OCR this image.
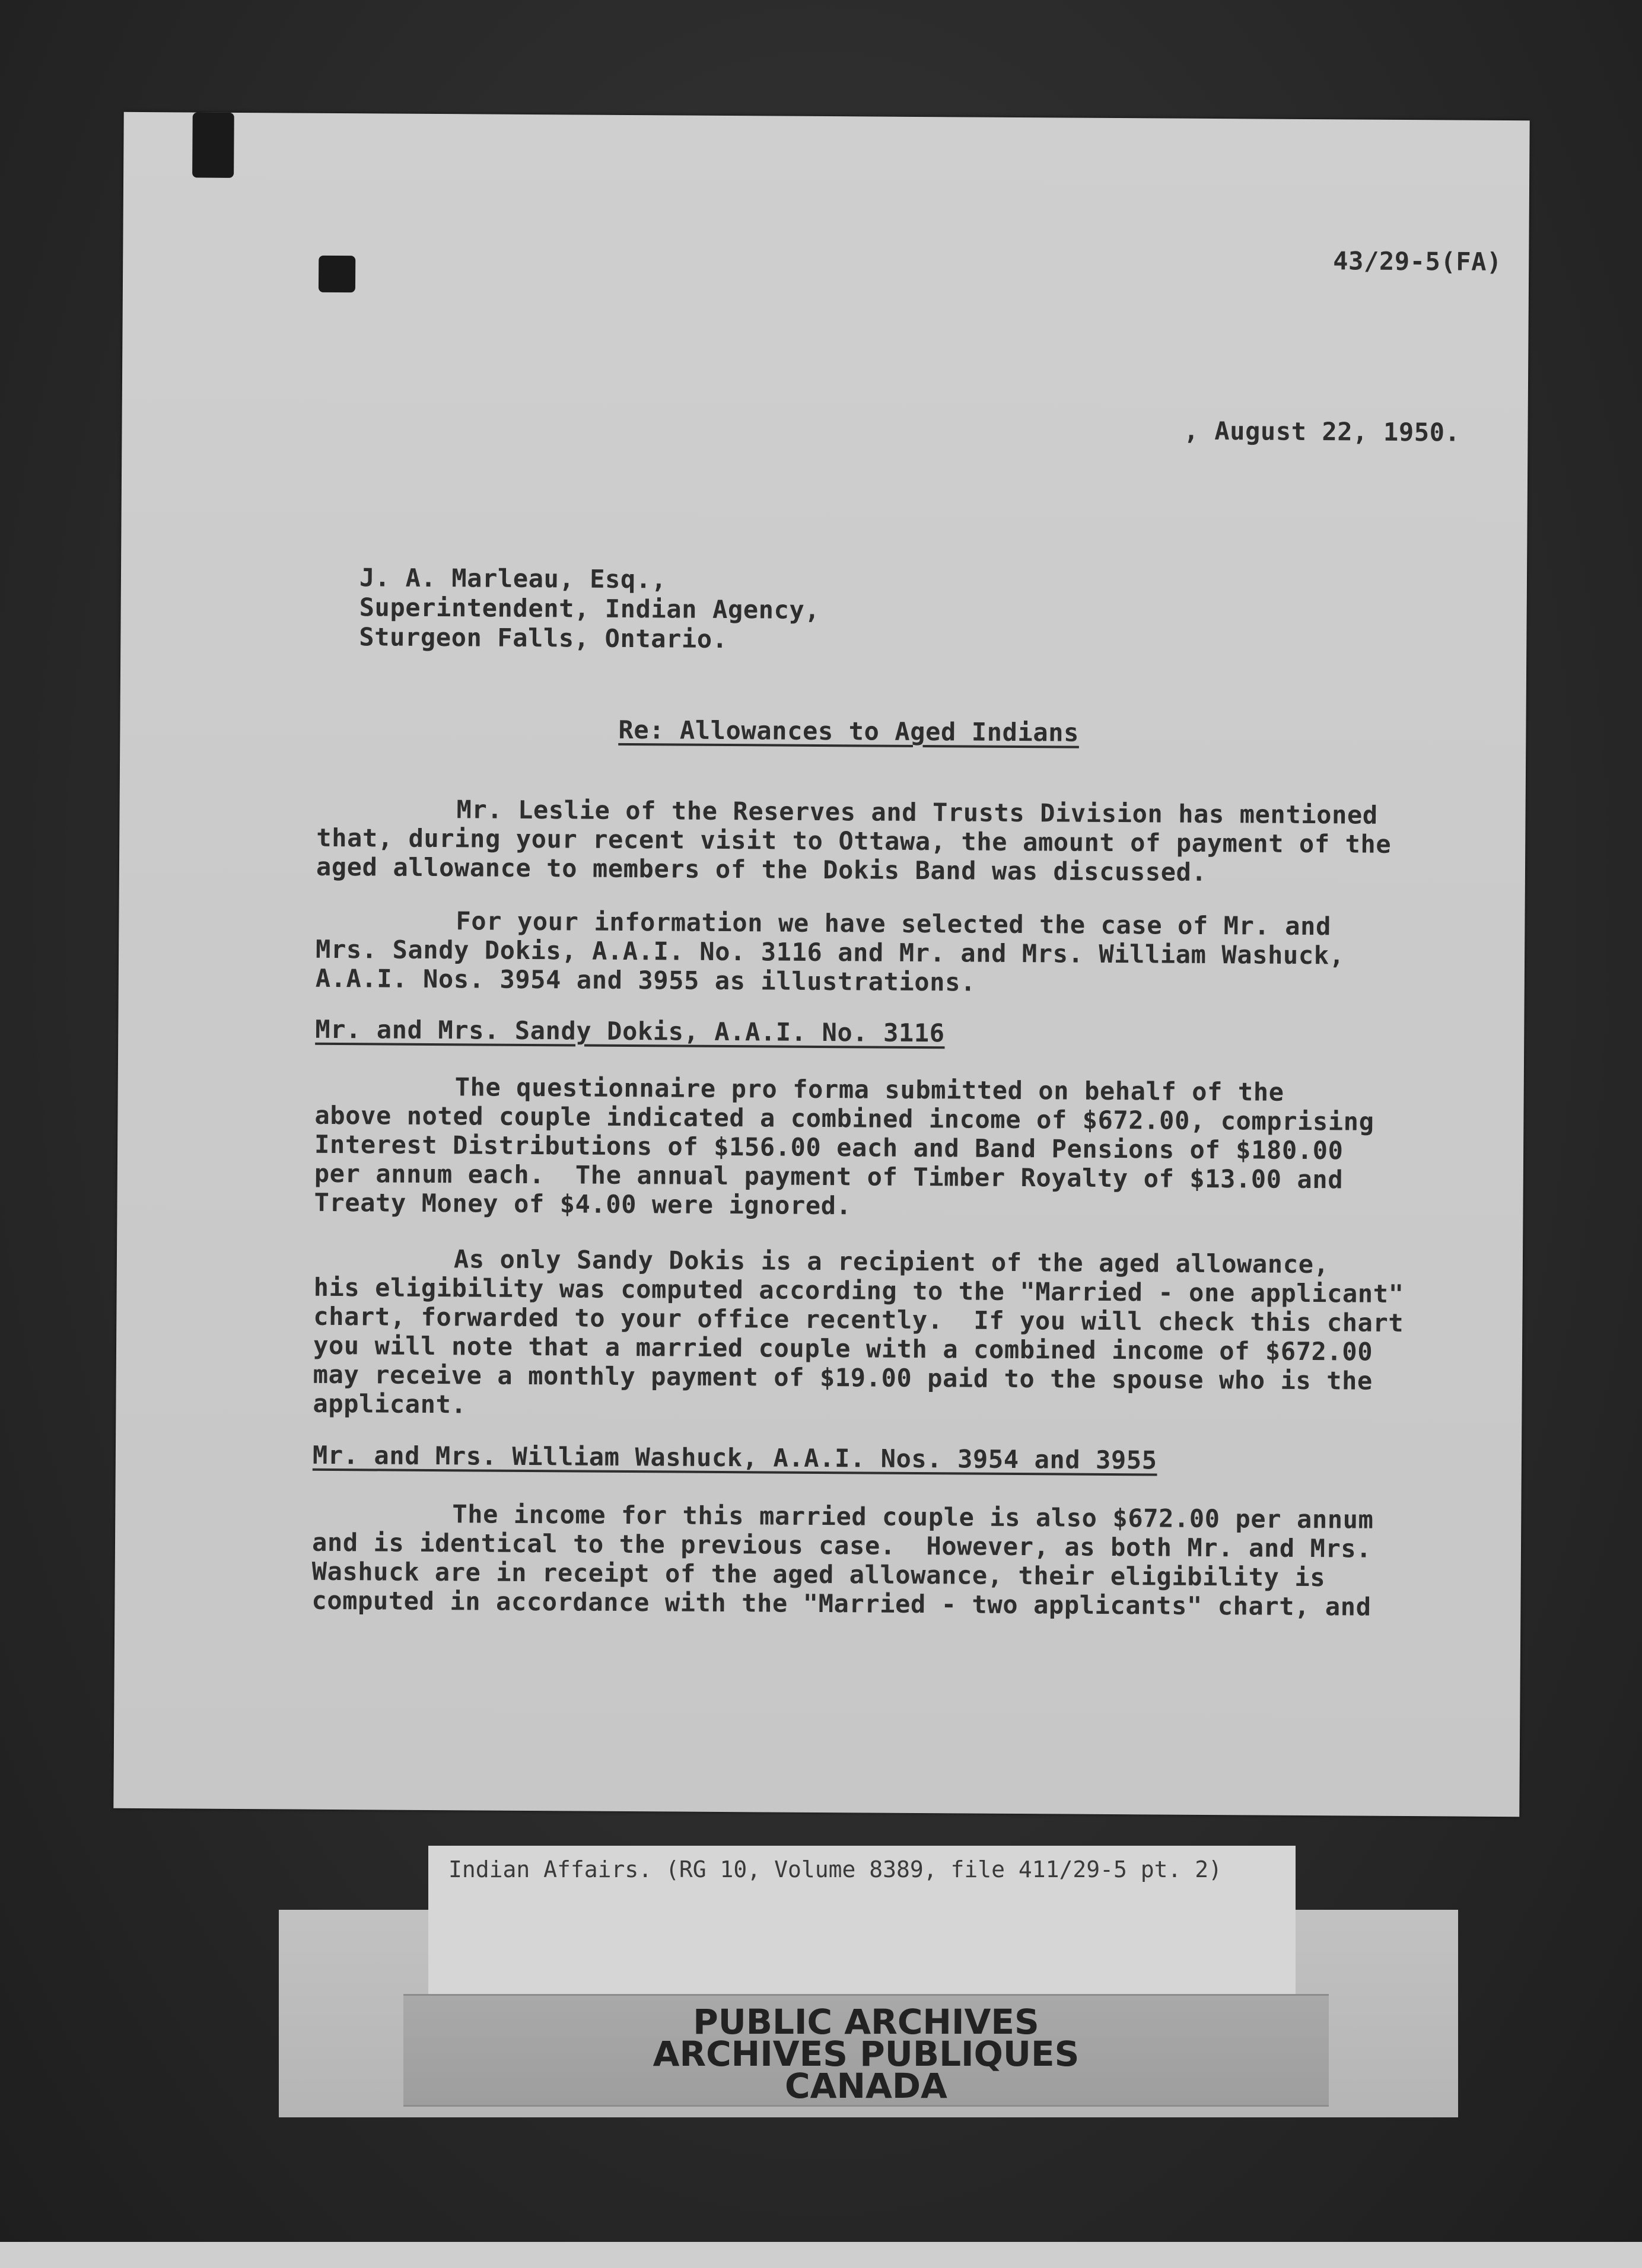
43/29-5(FA)
, August 22, 1950.
J. A. Marleau, Esq.,
Superintendent, Indian Agency,
Sturgeon Falls, Ontario.
Re: Allowances to Aged Indians
Mr. Leslie of the Reserves and Trusts Division has mentioned
that, during your recent visit to Ottawa, the amount of payment of the
aged allowance to members of the Dokis Band was discussed.
For your information we have selected the case of Mr. and
Mrs. Sandy Dokis, A.A.I. No. 3116 and Mr. and Mrs. William Washuck,
A.A.I. Nos. 3954 and 3955 as illustrations.
Mr. and Mrs. Sandy Dokis, A.A.I. No. 3116
The questionnaire pro forma submitted on behalf of the
above noted couple indicated a combined income of $672.00, comprising
Interest Distributions of $156.00 each and Band Pensions of $180.00
per annum each.  The annual payment of Timber Royalty of $13.00 and
Treaty Money of $4.00 were ignored.
As only Sandy Dokis is a recipient of the aged allowance,
his eligibility was computed according to the "Married - one applicant"
chart, forwarded to your office recently.  If you will check this chart
you will note that a married couple with a combined income of $672.00
may receive a monthly payment of $19.00 paid to the spouse who is the
applicant.
Mr. and Mrs. William Washuck, A.A.I. Nos. 3954 and 3955
The income for this married couple is also $672.00 per annum
and is identical to the previous case.  However, as both Mr. and Mrs.
Washuck are in receipt of the aged allowance, their eligibility is
computed in accordance with the "Married - two applicants" chart, and
Indian Affairs. (RG 10, Volume 8389, file 411/29-5 pt. 2)
PUBLIC ARCHIVES
ARCHIVES PUBLIQUES
CANADA
